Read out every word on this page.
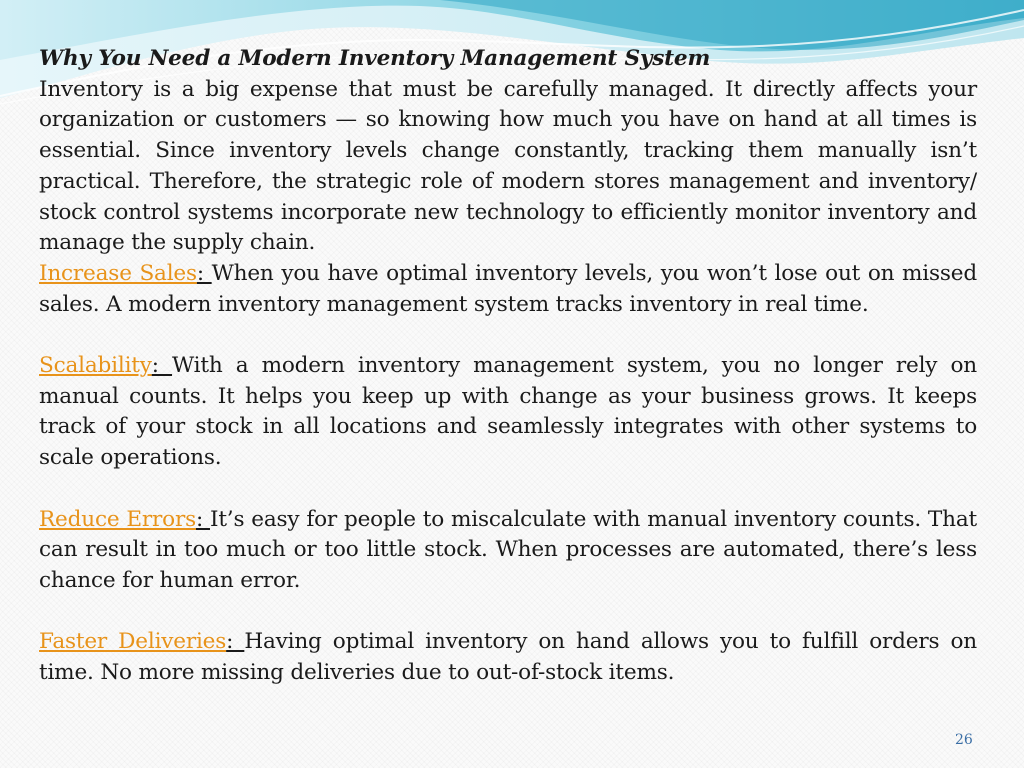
Why You Need a Modern Inventory Management System

Inventory is a big expense that must be carefully managed. It directly affects your organization or customers — so knowing how much you have on hand at all times is essential. Since inventory levels change constantly, tracking them manually isn’t practical. Therefore, the strategic role of modern stores management and inventory/ stock control systems incorporate new technology to efficiently monitor inventory and manage the supply chain.

Increase Sales: When you have optimal inventory levels, you won’t lose out on missed sales. A modern inventory management system tracks inventory in real time.

Scalability: With a modern inventory management system, you no longer rely on manual counts. It helps you keep up with change as your business grows. It keeps track of your stock in all locations and seamlessly integrates with other systems to scale operations.

Reduce Errors: It’s easy for people to miscalculate with manual inventory counts. That can result in too much or too little stock. When processes are automated, there’s less chance for human error.

Faster Deliveries: Having optimal inventory on hand allows you to fulfill orders on time. No more missing deliveries due to out-of-stock items.

26
